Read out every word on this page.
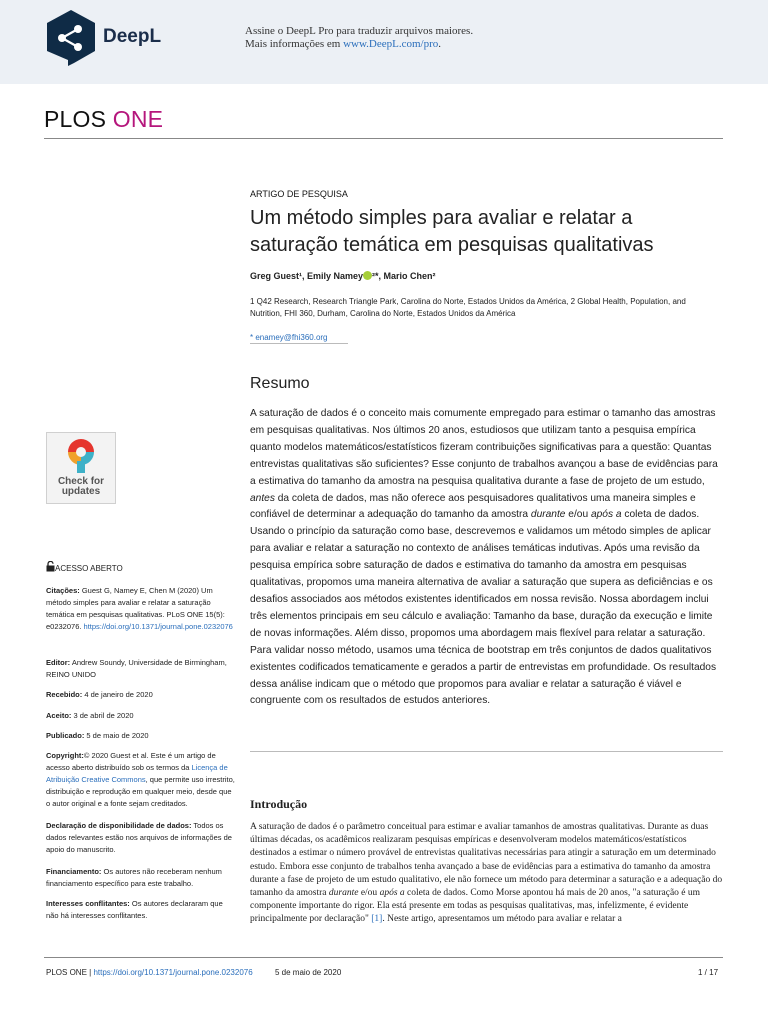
DeepL	Assine o DeepL Pro para traduzir arquivos maiores.
Mais informações em www.DeepL.com/pro.
PLOS ONE
ARTIGO DE PESQUISA
Um método simples para avaliar e relatar a saturação temática em pesquisas qualitativas
Greg Guest¹, Emily Namey ²*, Mario Chen²
1 Q42 Research, Research Triangle Park, Carolina do Norte, Estados Unidos da América, 2 Global Health, Population, and Nutrition, FHI 360, Durham, Carolina do Norte, Estados Unidos da América
* enamey@fhi360.org
Resumo

A saturação de dados é o conceito mais comumente empregado para estimar o tamanho das amostras em pesquisas qualitativas. Nos últimos 20 anos, estudiosos que utilizam tanto a pesquisa empírica quanto modelos matemáticos/estatísticos fizeram contribuições significativas para a questão: Quantas entrevistas qualitativas são suficientes? Esse conjunto de trabalhos avançou a base de evidências para a estimativa do tamanho da amostra na pesquisa qualitativa durante a fase de projeto de um estudo, antes da coleta de dados, mas não oferece aos pesquisadores qualitativos uma maneira simples e confiável de determinar a adequação do tamanho da amostra durante e/ou após a coleta de dados.

Usando o princípio da saturação como base, descrevemos e validamos um método simples de aplicar para avaliar e relatar a saturação no contexto de análises temáticas indutivas. Após uma revisão da pesquisa empírica sobre saturação de dados e estimativa do tamanho da amostra em pesquisas qualitativas, propomos uma maneira alternativa de avaliar a saturação que supera as deficiências e os desafios associados aos métodos existentes identificados em nossa revisão. Nossa abordagem inclui três elementos principais em seu cálculo e avaliação: Tamanho da base, duração da execução e limite de novas informações. Além disso, propomos uma abordagem mais flexível para relatar a saturação. Para validar nosso método, usamos uma técnica de bootstrap em três conjuntos de dados qualitativos existentes codificados tematicamente e gerados a partir de entrevistas em profundidade. Os resultados dessa análise indicam que o método que propomos para avaliar e relatar a saturação é viável e congruente com os resultados de estudos anteriores.

Introdução

A saturação de dados é o parâmetro conceitual para estimar e avaliar tamanhos de amostras qualitativas. Durante as duas últimas décadas, os acadêmicos realizaram pesquisas empíricas e desenvolveram modelos matemáticos/estatísticos destinados a estimar o número provável de entrevistas qualitativas necessárias para atingir a saturação em um determinado estudo. Embora esse conjunto de trabalhos tenha avançado a base de evidências para a estimativa do tamanho da amostra durante a fase de projeto de um estudo qualitativo, ele não fornece um método para determinar a saturação e a adequação do tamanho da amostra durante e/ou após a coleta de dados. Como Morse apontou há mais de 20 anos, "a saturação é um componente importante do rigor. Ela está presente em todas as pesquisas qualitativas, mas, infelizmente, é evidente principalmente por declaração" [1]. Neste artigo, apresentamos um método para avaliar e relatar a

Check for
updates
ACESSO ABERTO
Citações: Guest G, Namey E, Chen M (2020) Um método simples para avaliar e relatar a saturação temática em pesquisas qualitativas. PLoS ONE 15(5): e0232076. https://doi.org/10.1371/journal.pone.0232076
Editor: Andrew Soundy, Universidade de Birmingham, REINO UNIDO
Recebido: 4 de janeiro de 2020
Aceito: 3 de abril de 2020
Publicado: 5 de maio de 2020
Copyright:© 2020 Guest et al. Este é um artigo de acesso aberto distribuído sob os termos da Licença de Atribuição Creative Commons, que permite uso irrestrito, distribuição e reprodução em qualquer meio, desde que o autor original e a fonte sejam creditados.
Declaração de disponibilidade de dados: Todos os dados relevantes estão nos arquivos de informações de apoio do manuscrito.
Financiamento: Os autores não receberam nenhum financiamento específico para este trabalho.
Interesses conflitantes: Os autores declararam que não há interesses conflitantes.
PLOS ONE | https://doi.org/10.1371/journal.pone.0232076	5 de maio de 2020	1 / 17
